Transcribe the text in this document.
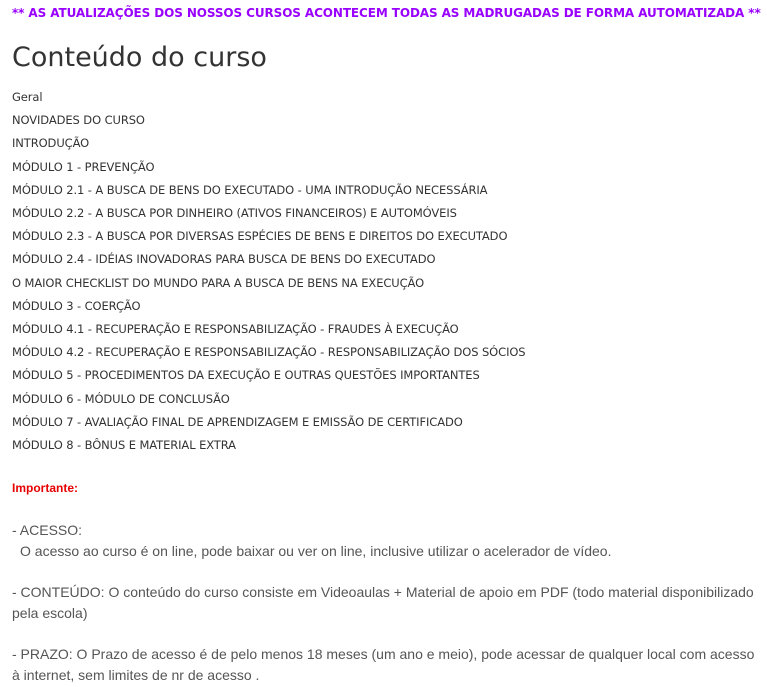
** AS ATUALIZAÇÕES DOS NOSSOS CURSOS ACONTECEM TODAS AS MADRUGADAS DE FORMA AUTOMATIZADA **
Conteúdo do curso
Geral
NOVIDADES DO CURSO
INTRODUÇÃO
MÓDULO 1 - PREVENÇÃO
MÓDULO 2.1 - A BUSCA DE BENS DO EXECUTADO - UMA INTRODUÇÃO NECESSÁRIA
MÓDULO 2.2 - A BUSCA POR DINHEIRO (ATIVOS FINANCEIROS) E AUTOMÓVEIS
MÓDULO 2.3 - A BUSCA POR DIVERSAS ESPÉCIES DE BENS E DIREITOS DO EXECUTADO
MÓDULO 2.4 - IDÉIAS INOVADORAS PARA BUSCA DE BENS DO EXECUTADO
O MAIOR CHECKLIST DO MUNDO PARA A BUSCA DE BENS NA EXECUÇÃO
MÓDULO 3 - COERÇÃO
MÓDULO 4.1 - RECUPERAÇÃO E RESPONSABILIZAÇÃO - FRAUDES À EXECUÇÃO
MÓDULO 4.2 - RECUPERAÇÃO E RESPONSABILIZAÇÃO - RESPONSABILIZAÇÃO DOS SÓCIOS
MÓDULO 5 - PROCEDIMENTOS DA EXECUÇÃO E OUTRAS QUESTÕES IMPORTANTES
MÓDULO 6 - MÓDULO DE CONCLUSÃO
MÓDULO 7 - AVALIAÇÃO FINAL DE APRENDIZAGEM E EMISSÃO DE CERTIFICADO
MÓDULO 8 - BÔNUS E MATERIAL EXTRA
Importante:
- ACESSO:
O acesso ao curso é on line, pode baixar ou ver on line, inclusive utilizar o acelerador de vídeo.
- CONTEÚDO: O conteúdo do curso consiste em Videoaulas + Material de apoio em PDF (todo material disponibilizado pela escola)
- PRAZO: O Prazo de acesso é de pelo menos 18 meses (um ano e meio), pode acessar de qualquer local com acesso à internet, sem limites de nr de acesso .
